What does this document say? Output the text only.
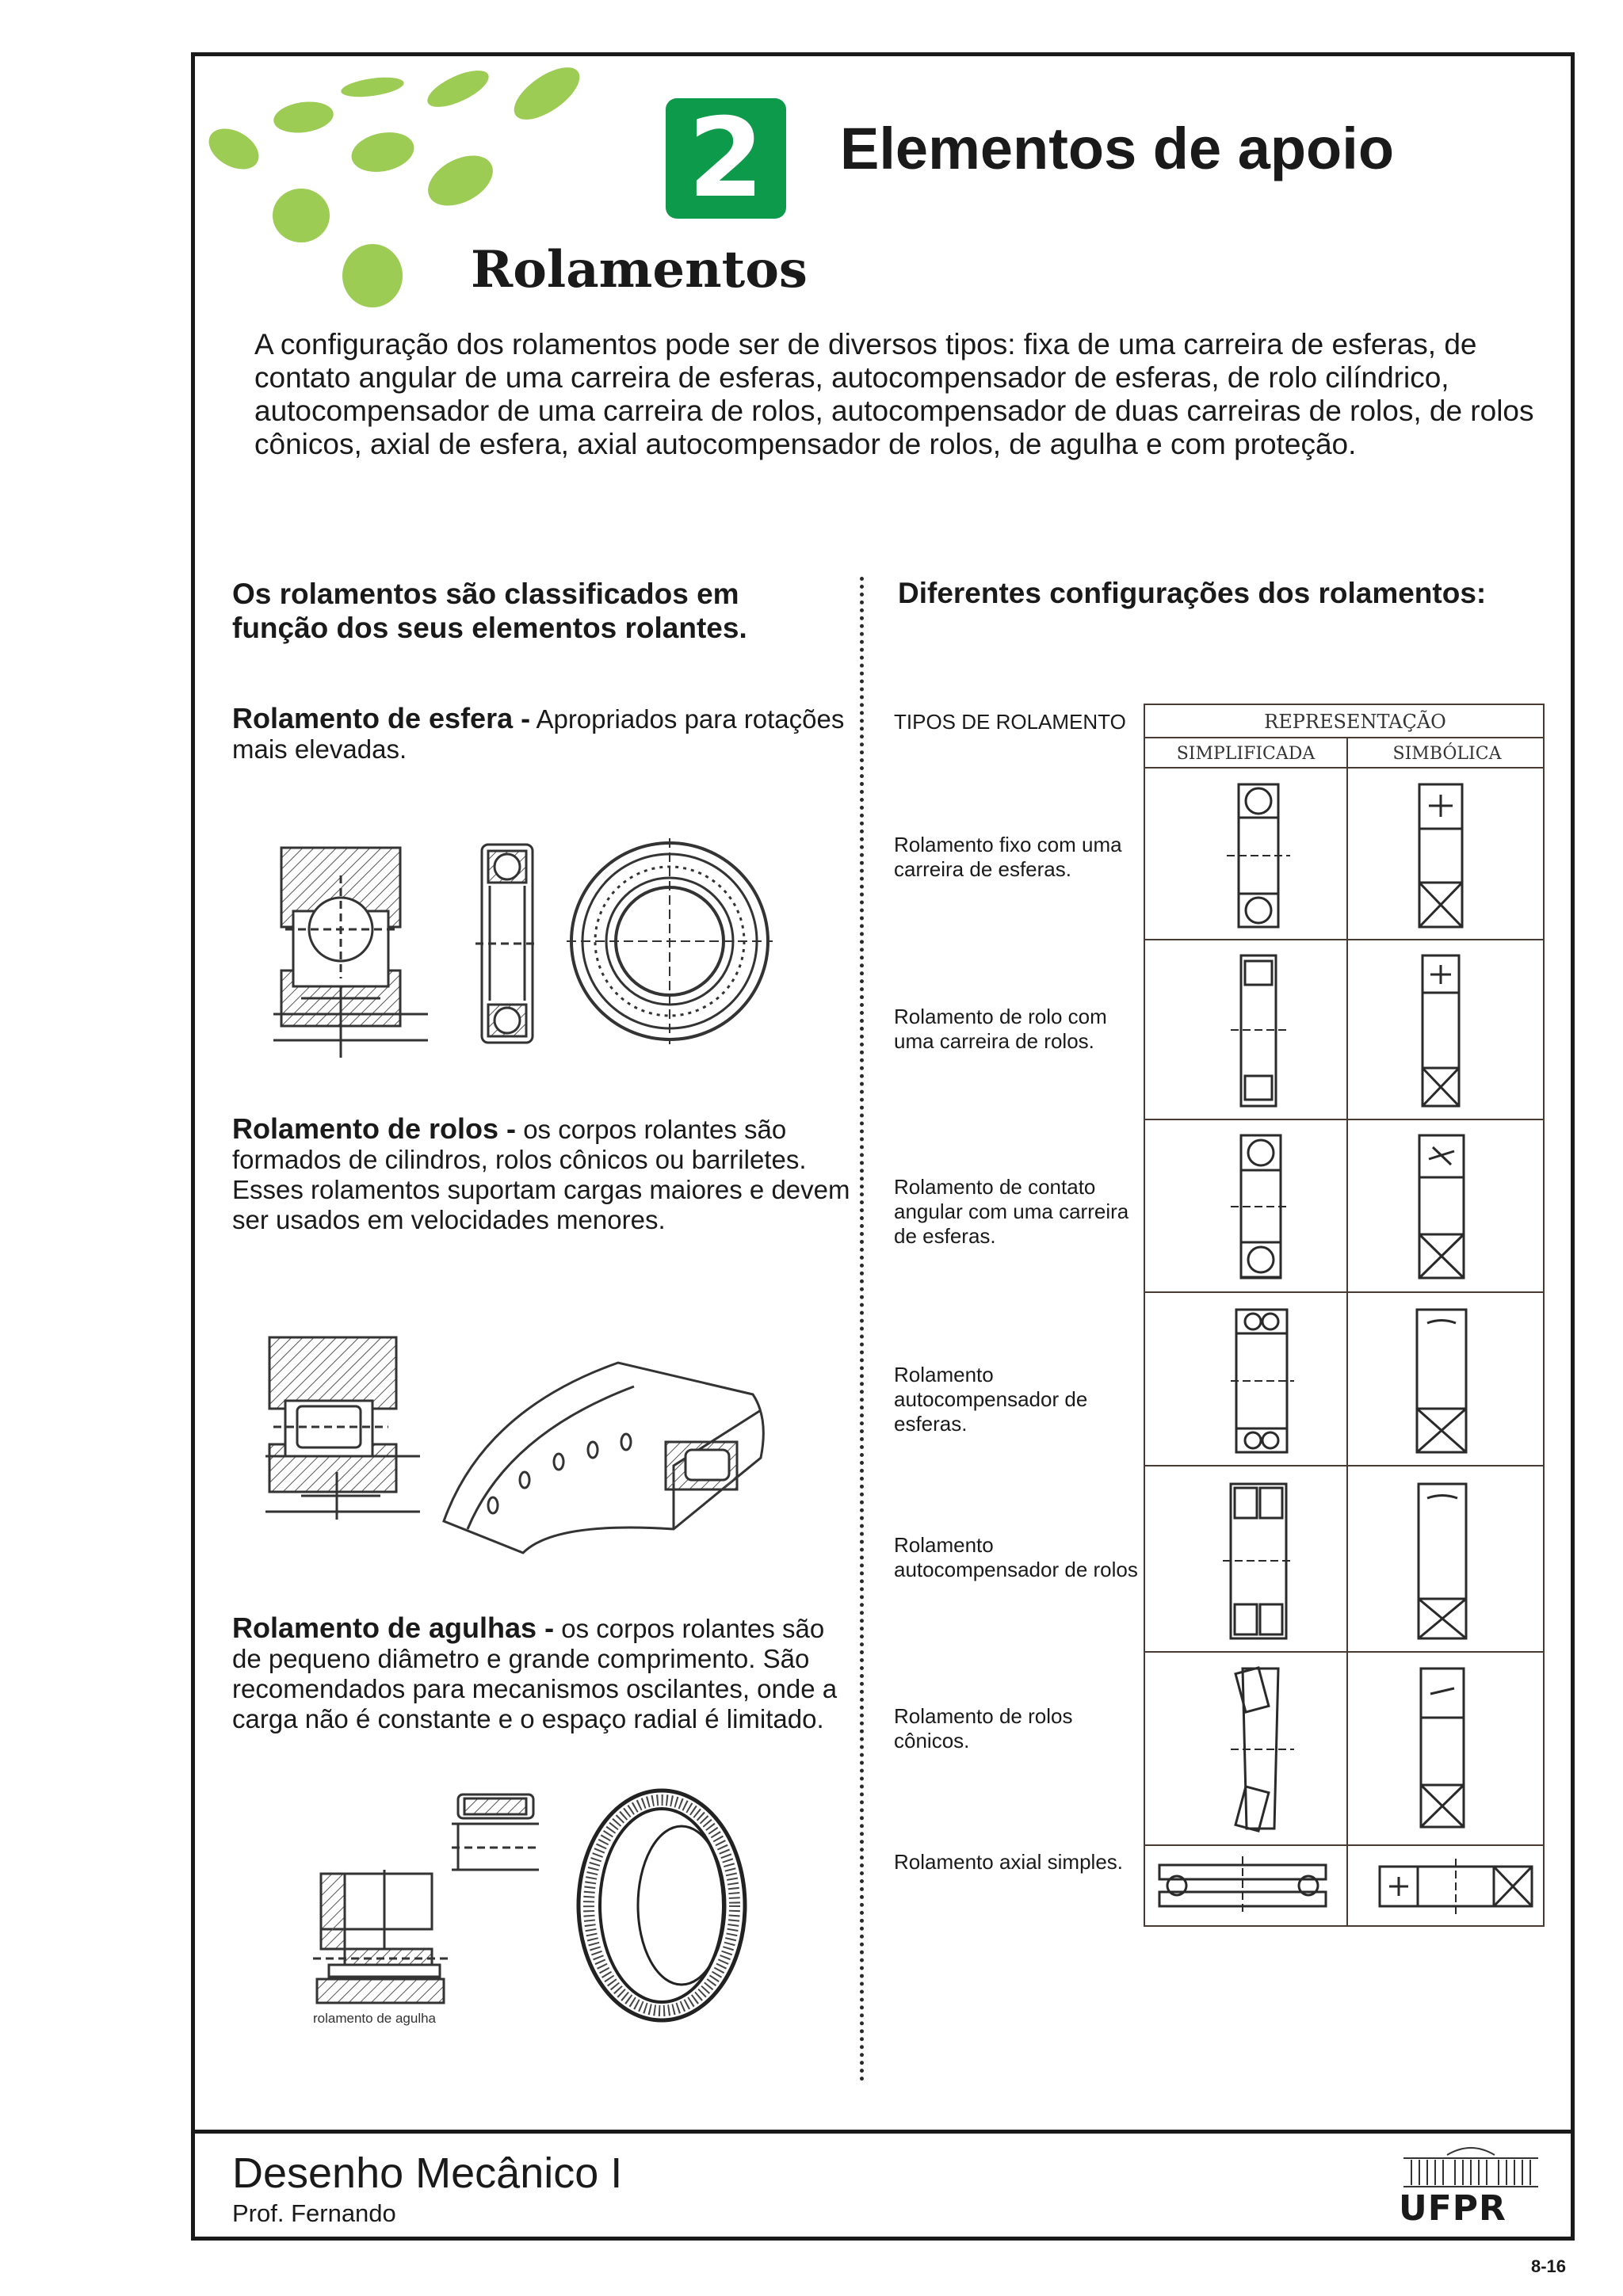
2	Elementos de apoio
Rolamentos
A configuração dos rolamentos pode ser de diversos tipos: fixa de uma carreira de esferas, de contato angular de uma carreira de esferas, autocompensador de esferas, de rolo cilíndrico, autocompensador de uma carreira de rolos, autocompensador de duas carreiras de rolos, de rolos cônicos, axial de esfera, axial autocompensador de rolos, de agulha e com proteção.
Os rolamentos são classificados em função dos seus elementos rolantes.
Diferentes configurações dos rolamentos:
Rolamento de esfera - Apropriados para rotações mais elevadas.
Rolamento de rolos - os corpos rolantes são formados de cilindros, rolos cônicos ou barriletes. Esses rolamentos suportam cargas maiores e devem ser usados em velocidades menores.
Rolamento de agulhas - os corpos rolantes são de pequeno diâmetro e grande comprimento. São recomendados para mecanismos oscilantes, onde a carga não é constante e o espaço radial é limitado.
rolamento de agulha
TIPOS DE ROLAMENTO	REPRESENTAÇÃO
SIMPLIFICADA	SIMBÓLICA
Rolamento fixo com uma carreira de esferas.
Rolamento de rolo com uma carreira de rolos.
Rolamento de contato angular com uma carreira de esferas.
Rolamento autocompensador de esferas.
Rolamento autocompensador de rolos
Rolamento de rolos cônicos.
Rolamento axial simples.
Desenho Mecânico I
Prof. Fernando	UFPR
8-16
